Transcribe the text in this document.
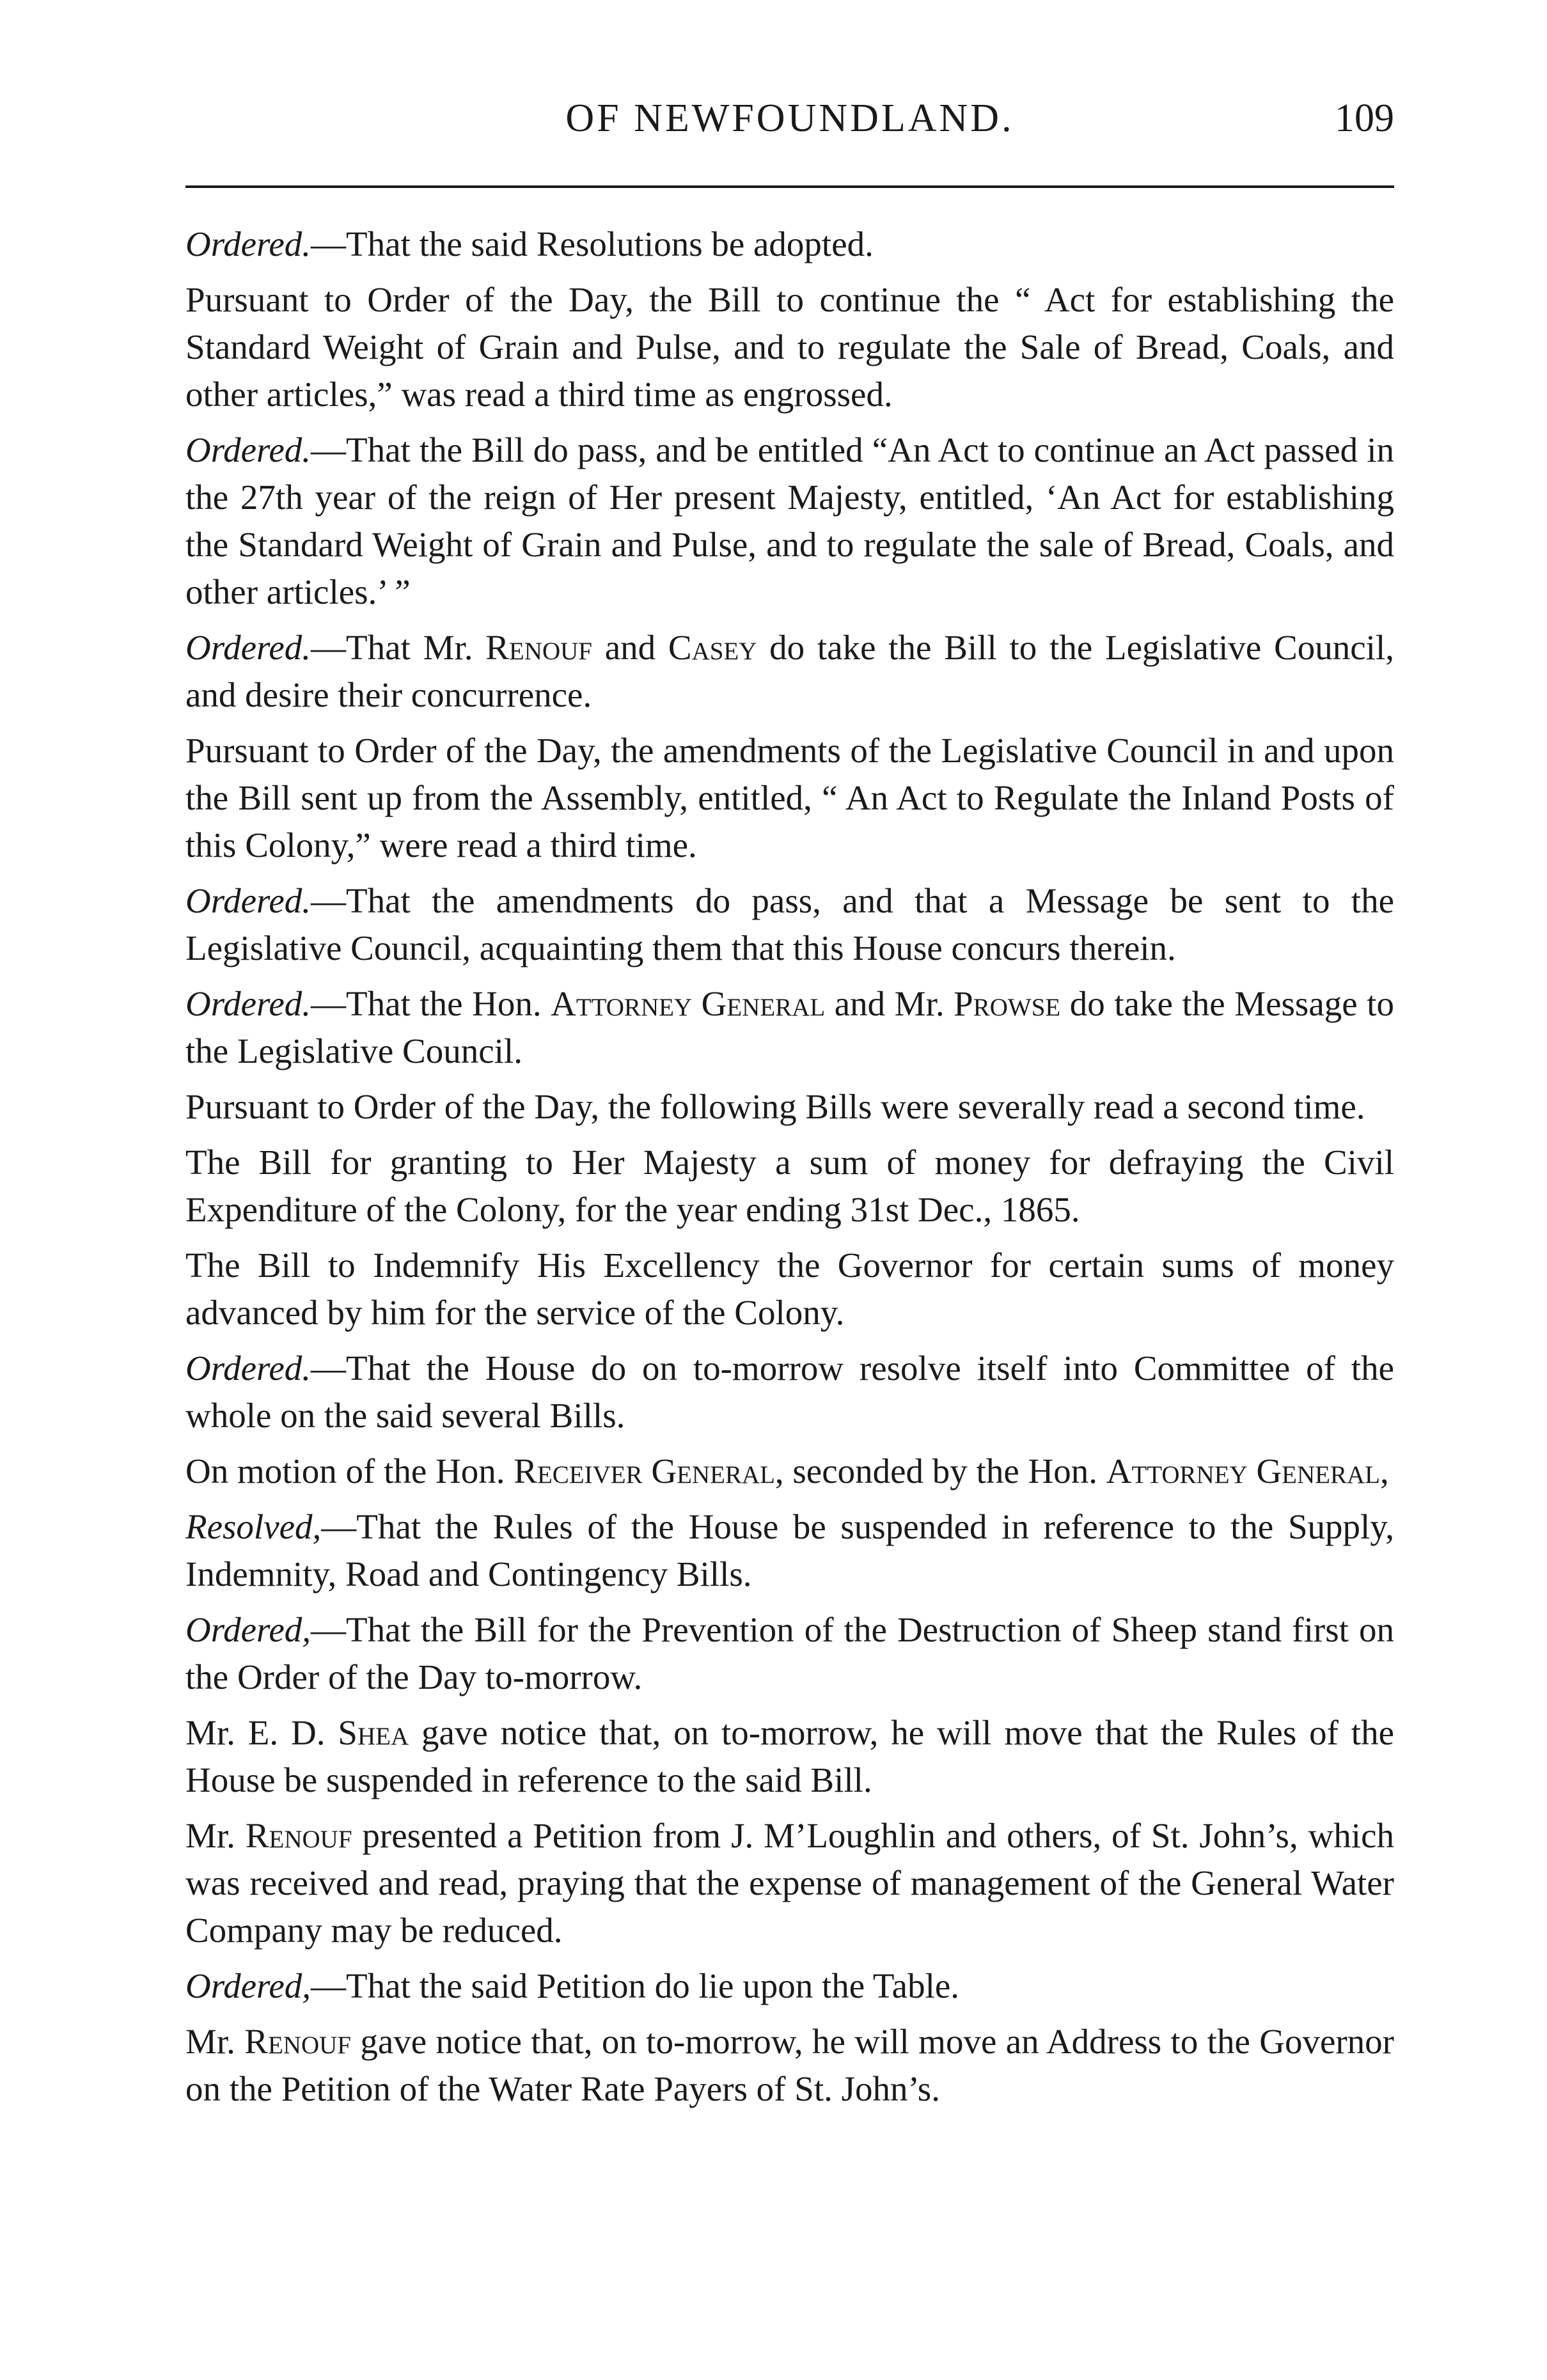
OF NEWFOUNDLAND.	109

Ordered.—That the said Resolutions be adopted.

Pursuant to Order of the Day, the Bill to continue the “ Act for establishing the Standard Weight of Grain and Pulse, and to regulate the Sale of Bread, Coals, and other articles,” was read a third time as engrossed.

Ordered.—That the Bill do pass, and be entitled “An Act to continue an Act passed in the 27th year of the reign of Her present Majesty, entitled, ‘An Act for establishing the Standard Weight of Grain and Pulse, and to regulate the sale of Bread, Coals, and other articles.’ ”

Ordered.—That Mr. Renouf and Casey do take the Bill to the Legislative Council, and desire their concurrence.

Pursuant to Order of the Day, the amendments of the Legislative Council in and upon the Bill sent up from the Assembly, entitled, “ An Act to Regulate the Inland Posts of this Colony,” were read a third time.

Ordered.—That the amendments do pass, and that a Message be sent to the Legislative Council, acquainting them that this House concurs therein.

Ordered.—That the Hon. Attorney General and Mr. Prowse do take the Message to the Legislative Council.

Pursuant to Order of the Day, the following Bills were severally read a second time.

The Bill for granting to Her Majesty a sum of money for defraying the Civil Expenditure of the Colony, for the year ending 31st Dec., 1865.

The Bill to Indemnify His Excellency the Governor for certain sums of money advanced by him for the service of the Colony.

Ordered.—That the House do on to-morrow resolve itself into Committee of the whole on the said several Bills.

On motion of the Hon. Receiver General, seconded by the Hon. Attorney General,

Resolved,—That the Rules of the House be suspended in reference to the Supply, Indemnity, Road and Contingency Bills.

Ordered,—That the Bill for the Prevention of the Destruction of Sheep stand first on the Order of the Day to-morrow.

Mr. E. D. Shea gave notice that, on to-morrow, he will move that the Rules of the House be suspended in reference to the said Bill.

Mr. Renouf presented a Petition from J. M’Loughlin and others, of St. John’s, which was received and read, praying that the expense of management of the General Water Company may be reduced.

Ordered,—That the said Petition do lie upon the Table.

Mr. Renouf gave notice that, on to-morrow, he will move an Address to the Governor on the Petition of the Water Rate Payers of St. John’s.
